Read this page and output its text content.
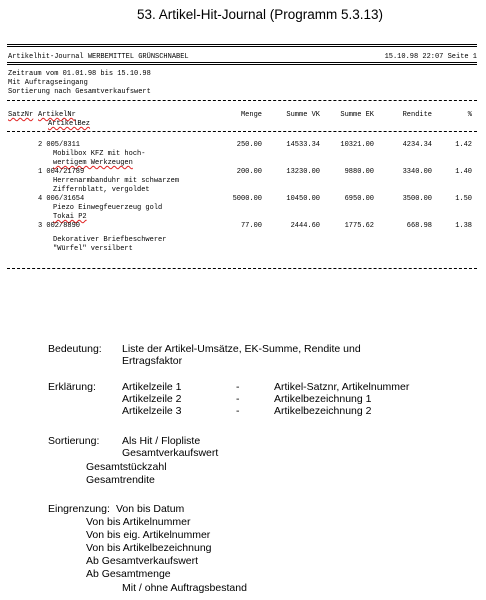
53. Artikel-Hit-Journal (Programm 5.3.13)
Artikelhit-Journal WERBEMITTEL GRÜNSCHNABEL	15.10.98 22:07 Seite 1
Zeitraum vom 01.01.98 bis 15.10.98
Mit Auftragseingang
Sortierung nach Gesamtverkaufswert
SatzNr ArtikelNr
ArtikelBez
Menge	Summe VK	Summe EK	Rendite	%
2 005/8311	250.00	14533.34	10321.00	4234.34	1.42
Mobilbox KFZ mit hoch-
wertigem Werkzeugen
1 004/21789	200.00	13230.00	9880.00	3340.00	1.40
Herrenarmbanduhr mit schwarzem
Ziffernblatt, vergoldet
4 006/31654	5000.00	10450.00	6950.00	3500.00	1.50
Piezo Einwegfeuerzeug gold
Tokai P2
3 002/8890	77.00	2444.60	1775.62	668.98	1.38
Dekorativer Briefbeschwerer
"Würfel" versilbert
Bedeutung: Liste der Artikel-Umsätze, EK-Summe, Rendite und
Ertragsfaktor
Erklärung: Artikelzeile 1	-	Artikel-Satznr, Artikelnummer
Artikelzeile 2	-	Artikelbezeichnung 1
Artikelzeile 3	-	Artikelbezeichnung 2
Sortierung: Als Hit / Flopliste
Gesamtverkaufswert
Gesamtstückzahl
Gesamtrendite
Eingrenzung: Von bis Datum
Von bis Artikelnummer
Von bis eig. Artikelnummer
Von bis Artikelbezeichnung
Ab Gesamtverkaufswert
Ab Gesamtmenge
Mit / ohne Auftragsbestand
